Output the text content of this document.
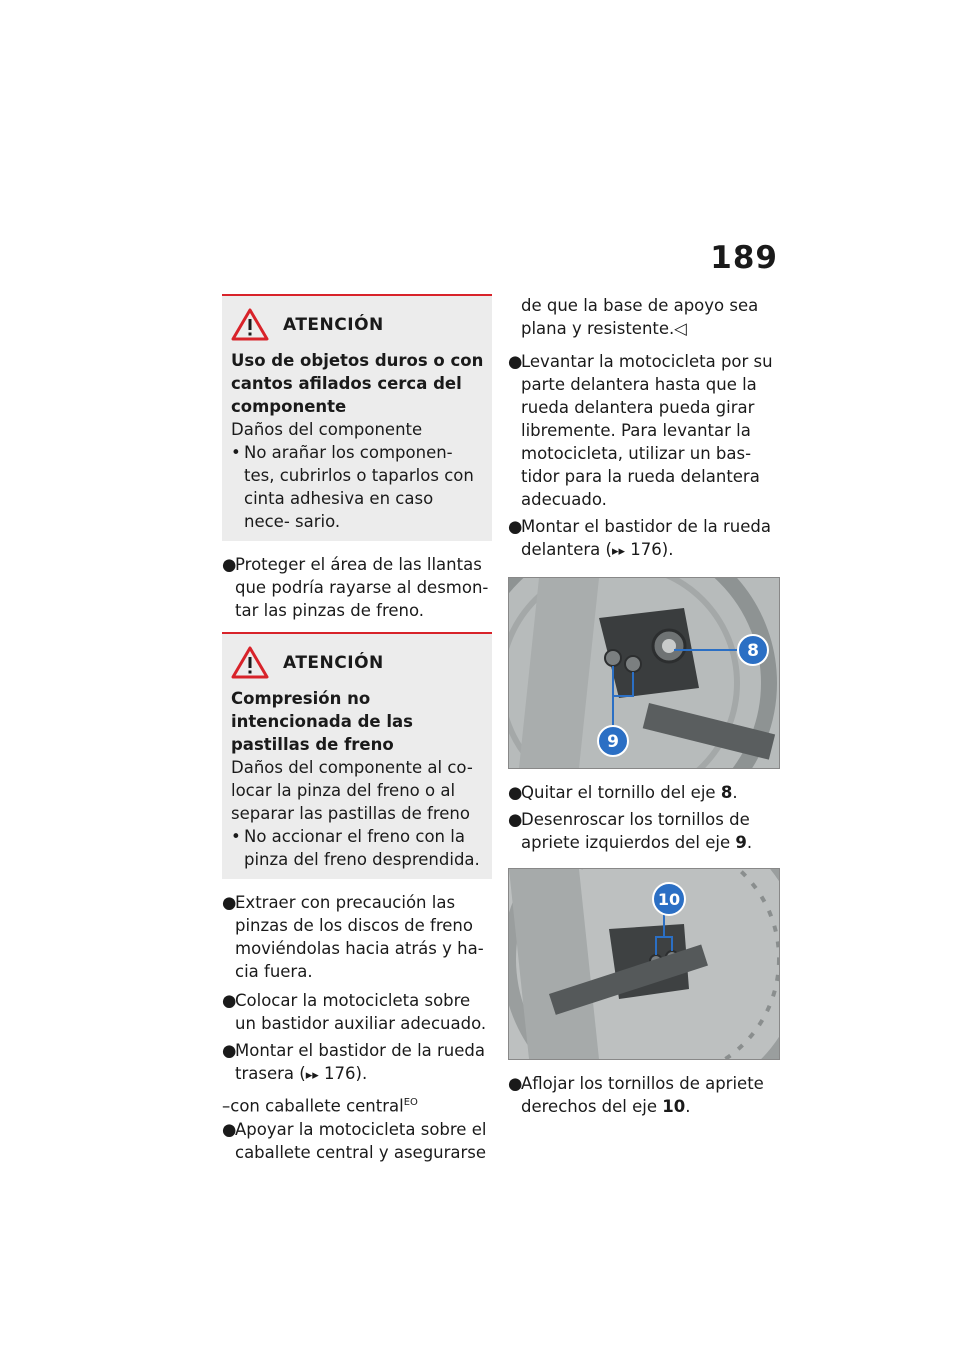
189
ATENCIÓN
Uso de objetos duros o con cantos afilados cerca del componente
Daños del componente
• No arañar los componen- tes, cubrirlos o taparlos con cinta adhesiva en caso nece- sario.
●
Proteger el área de las llantas que podría rayarse al desmon- tar las pinzas de freno.
ATENCIÓN
Compresión no intencionada de las pastillas de freno
Daños del componente al co- locar la pinza del freno o al separar las pastillas de freno
• No accionar el freno con la pinza del freno desprendida.
●
Extraer con precaución las pinzas de los discos de freno moviéndolas hacia atrás y ha- cia fuera.
●
Colocar la motocicleta sobre un bastidor auxiliar adecuado.
●
Montar el bastidor de la rueda trasera (▸▸ 176).
–con caballete central$^{EO}$
●
Apoyar la motocicleta sobre el caballete central y asegurarse
de que la base de apoyo sea plana y resistente.◁
●
Levantar la motocicleta por su parte delantera hasta que la rueda delantera pueda girar libremente. Para levantar la motocicleta, utilizar un bas- tidor para la rueda delantera adecuado.
●
Montar el bastidor de la rueda delantera (▸▸ 176).
8
9
●
Quitar el tornillo del eje 8.
●
Desenroscar los tornillos de apriete izquierdos del eje 9.
10
●
Aflojar los tornillos de apriete derechos del eje 10.
